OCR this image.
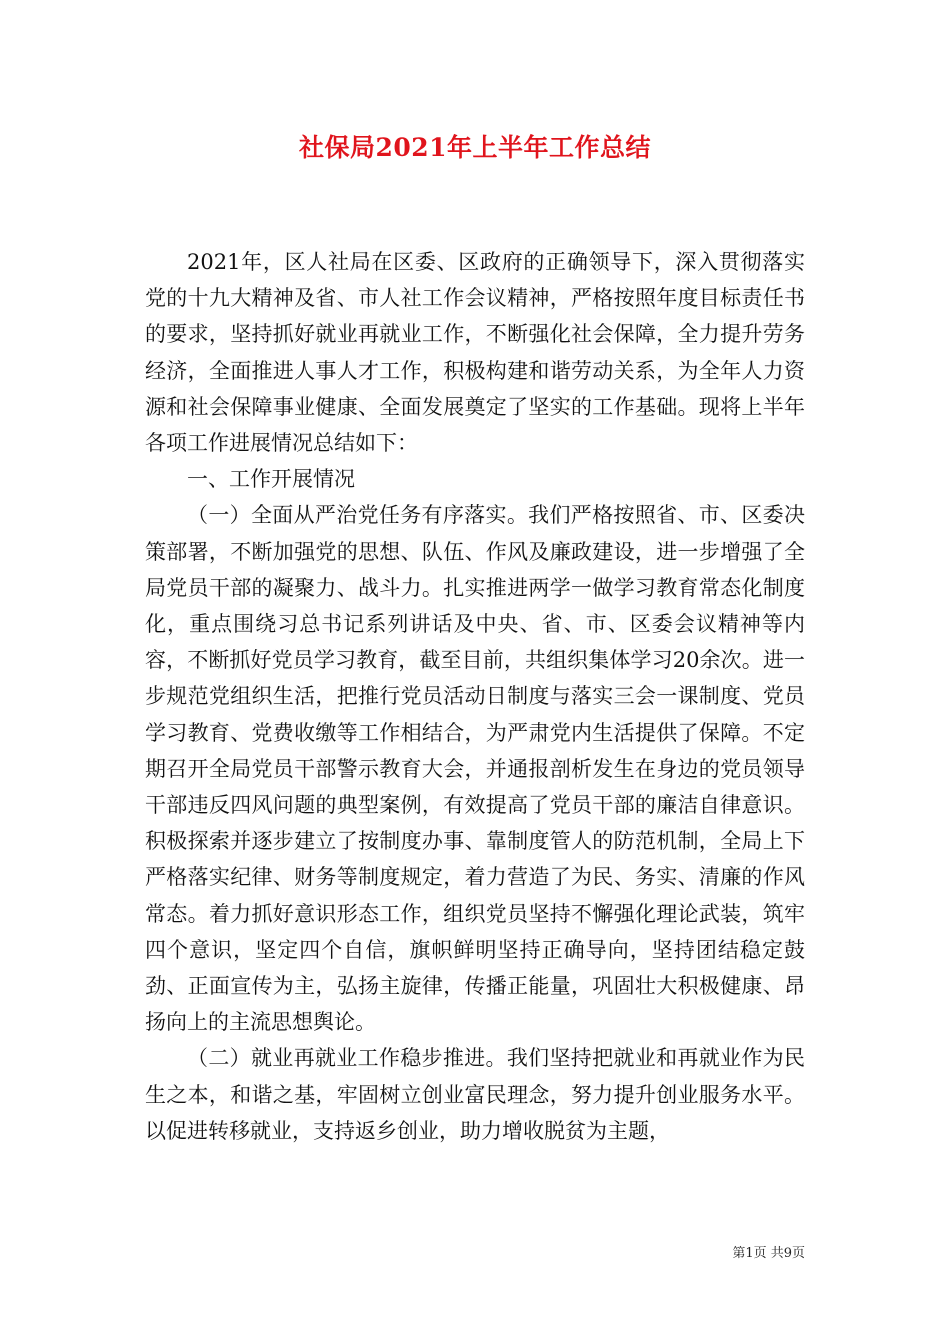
社保局2021年上半年工作总结

2021年，区人社局在区委、区政府的正确领导下，深入贯彻落实党的十九大精神及省、市人社工作会议精神，严格按照年度目标责任书的要求，坚持抓好就业再就业工作，不断强化社会保障，全力提升劳务经济，全面推进人事人才工作，积极构建和谐劳动关系，为全年人力资源和社会保障事业健康、全面发展奠定了坚实的工作基础。现将上半年各项工作进展情况总结如下：

一、工作开展情况

（一）全面从严治党任务有序落实。我们严格按照省、市、区委决策部署，不断加强党的思想、队伍、作风及廉政建设，进一步增强了全局党员干部的凝聚力、战斗力。扎实推进两学一做学习教育常态化制度化，重点围绕习总书记系列讲话及中央、省、市、区委会议精神等内容，不断抓好党员学习教育，截至目前，共组织集体学习20余次。进一步规范党组织生活，把推行党员活动日制度与落实三会一课制度、党员学习教育、党费收缴等工作相结合，为严肃党内生活提供了保障。不定期召开全局党员干部警示教育大会，并通报剖析发生在身边的党员领导干部违反四风问题的典型案例，有效提高了党员干部的廉洁自律意识。积极探索并逐步建立了按制度办事、靠制度管人的防范机制，全局上下严格落实纪律、财务等制度规定，着力营造了为民、务实、清廉的作风常态。着力抓好意识形态工作，组织党员坚持不懈强化理论武装，筑牢四个意识，坚定四个自信，旗帜鲜明坚持正确导向，坚持团结稳定鼓劲、正面宣传为主，弘扬主旋律，传播正能量，巩固壮大积极健康、昂扬向上的主流思想舆论。

（二）就业再就业工作稳步推进。我们坚持把就业和再就业作为民生之本，和谐之基，牢固树立创业富民理念，努力提升创业服务水平。以促进转移就业，支持返乡创业，助力增收脱贫为主题，

第1页 共9页
